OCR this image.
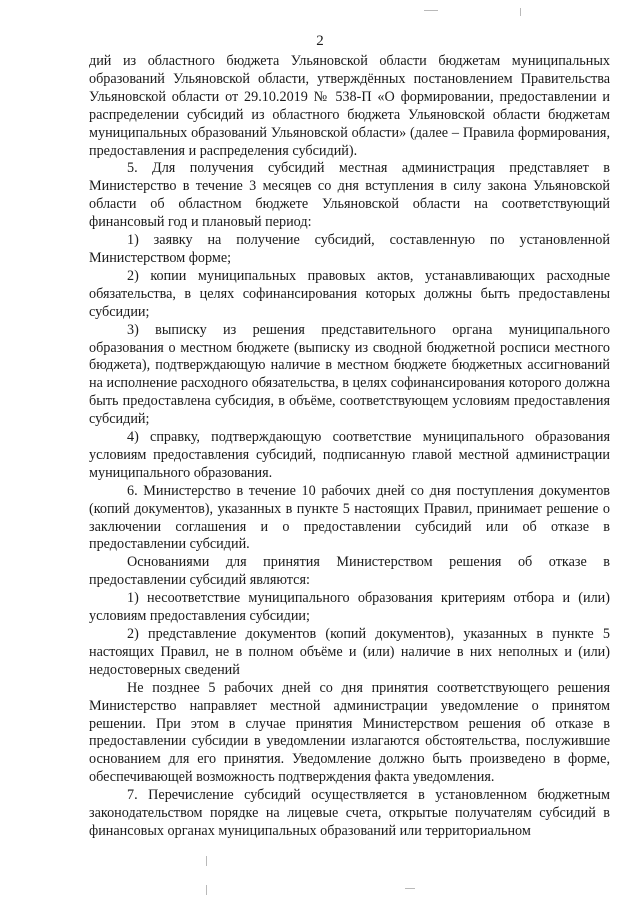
2

дий из областного бюджета Ульяновской области бюджетам муниципальных образований Ульяновской области, утверждённых постановлением Правительства Ульяновской области от 29.10.2019 № 538-П «О формировании, предоставлении и распределении субсидий из областного бюджета Ульяновской области бюджетам муниципальных образований Ульяновской области» (далее – Правила формирования, предоставления и распределения субсидий).

5. Для получения субсидий местная администрация представляет в Министерство в течение 3 месяцев со дня вступления в силу закона Ульяновской области об областном бюджете Ульяновской области на соответствующий финансовый год и плановый период:

1) заявку на получение субсидий, составленную по установленной Министерством форме;

2) копии муниципальных правовых актов, устанавливающих расходные обязательства, в целях софинансирования которых должны быть предоставлены субсидии;

3) выписку из решения представительного органа муниципального образования о местном бюджете (выписку из сводной бюджетной росписи местного бюджета), подтверждающую наличие в местном бюджете бюджетных ассигнований на исполнение расходного обязательства, в целях софинансирования которого должна быть предоставлена субсидия, в объёме, соответствующем условиям предоставления субсидий;

4) справку, подтверждающую соответствие муниципального образования условиям предоставления субсидий, подписанную главой местной администрации муниципального образования.

6. Министерство в течение 10 рабочих дней со дня поступления документов (копий документов), указанных в пункте 5 настоящих Правил, принимает решение о заключении соглашения и о предоставлении субсидий или об отказе в предоставлении субсидий.

Основаниями для принятия Министерством решения об отказе в предоставлении субсидий являются:

1) несоответствие муниципального образования критериям отбора и (или) условиям предоставления субсидии;

2) представление документов (копий документов), указанных в пункте 5 настоящих Правил, не в полном объёме и (или) наличие в них неполных и (или) недостоверных сведений

Не позднее 5 рабочих дней со дня принятия соответствующего решения Министерство направляет местной администрации уведомление о принятом решении. При этом в случае принятия Министерством решения об отказе в предоставлении субсидии в уведомлении излагаются обстоятельства, послужившие основанием для его принятия. Уведомление должно быть произведено в форме, обеспечивающей возможность подтверждения факта уведомления.

7. Перечисление субсидий осуществляется в установленном бюджетным законодательством порядке на лицевые счета, открытые получателям субсидий в финансовых органах муниципальных образований или территориальном
